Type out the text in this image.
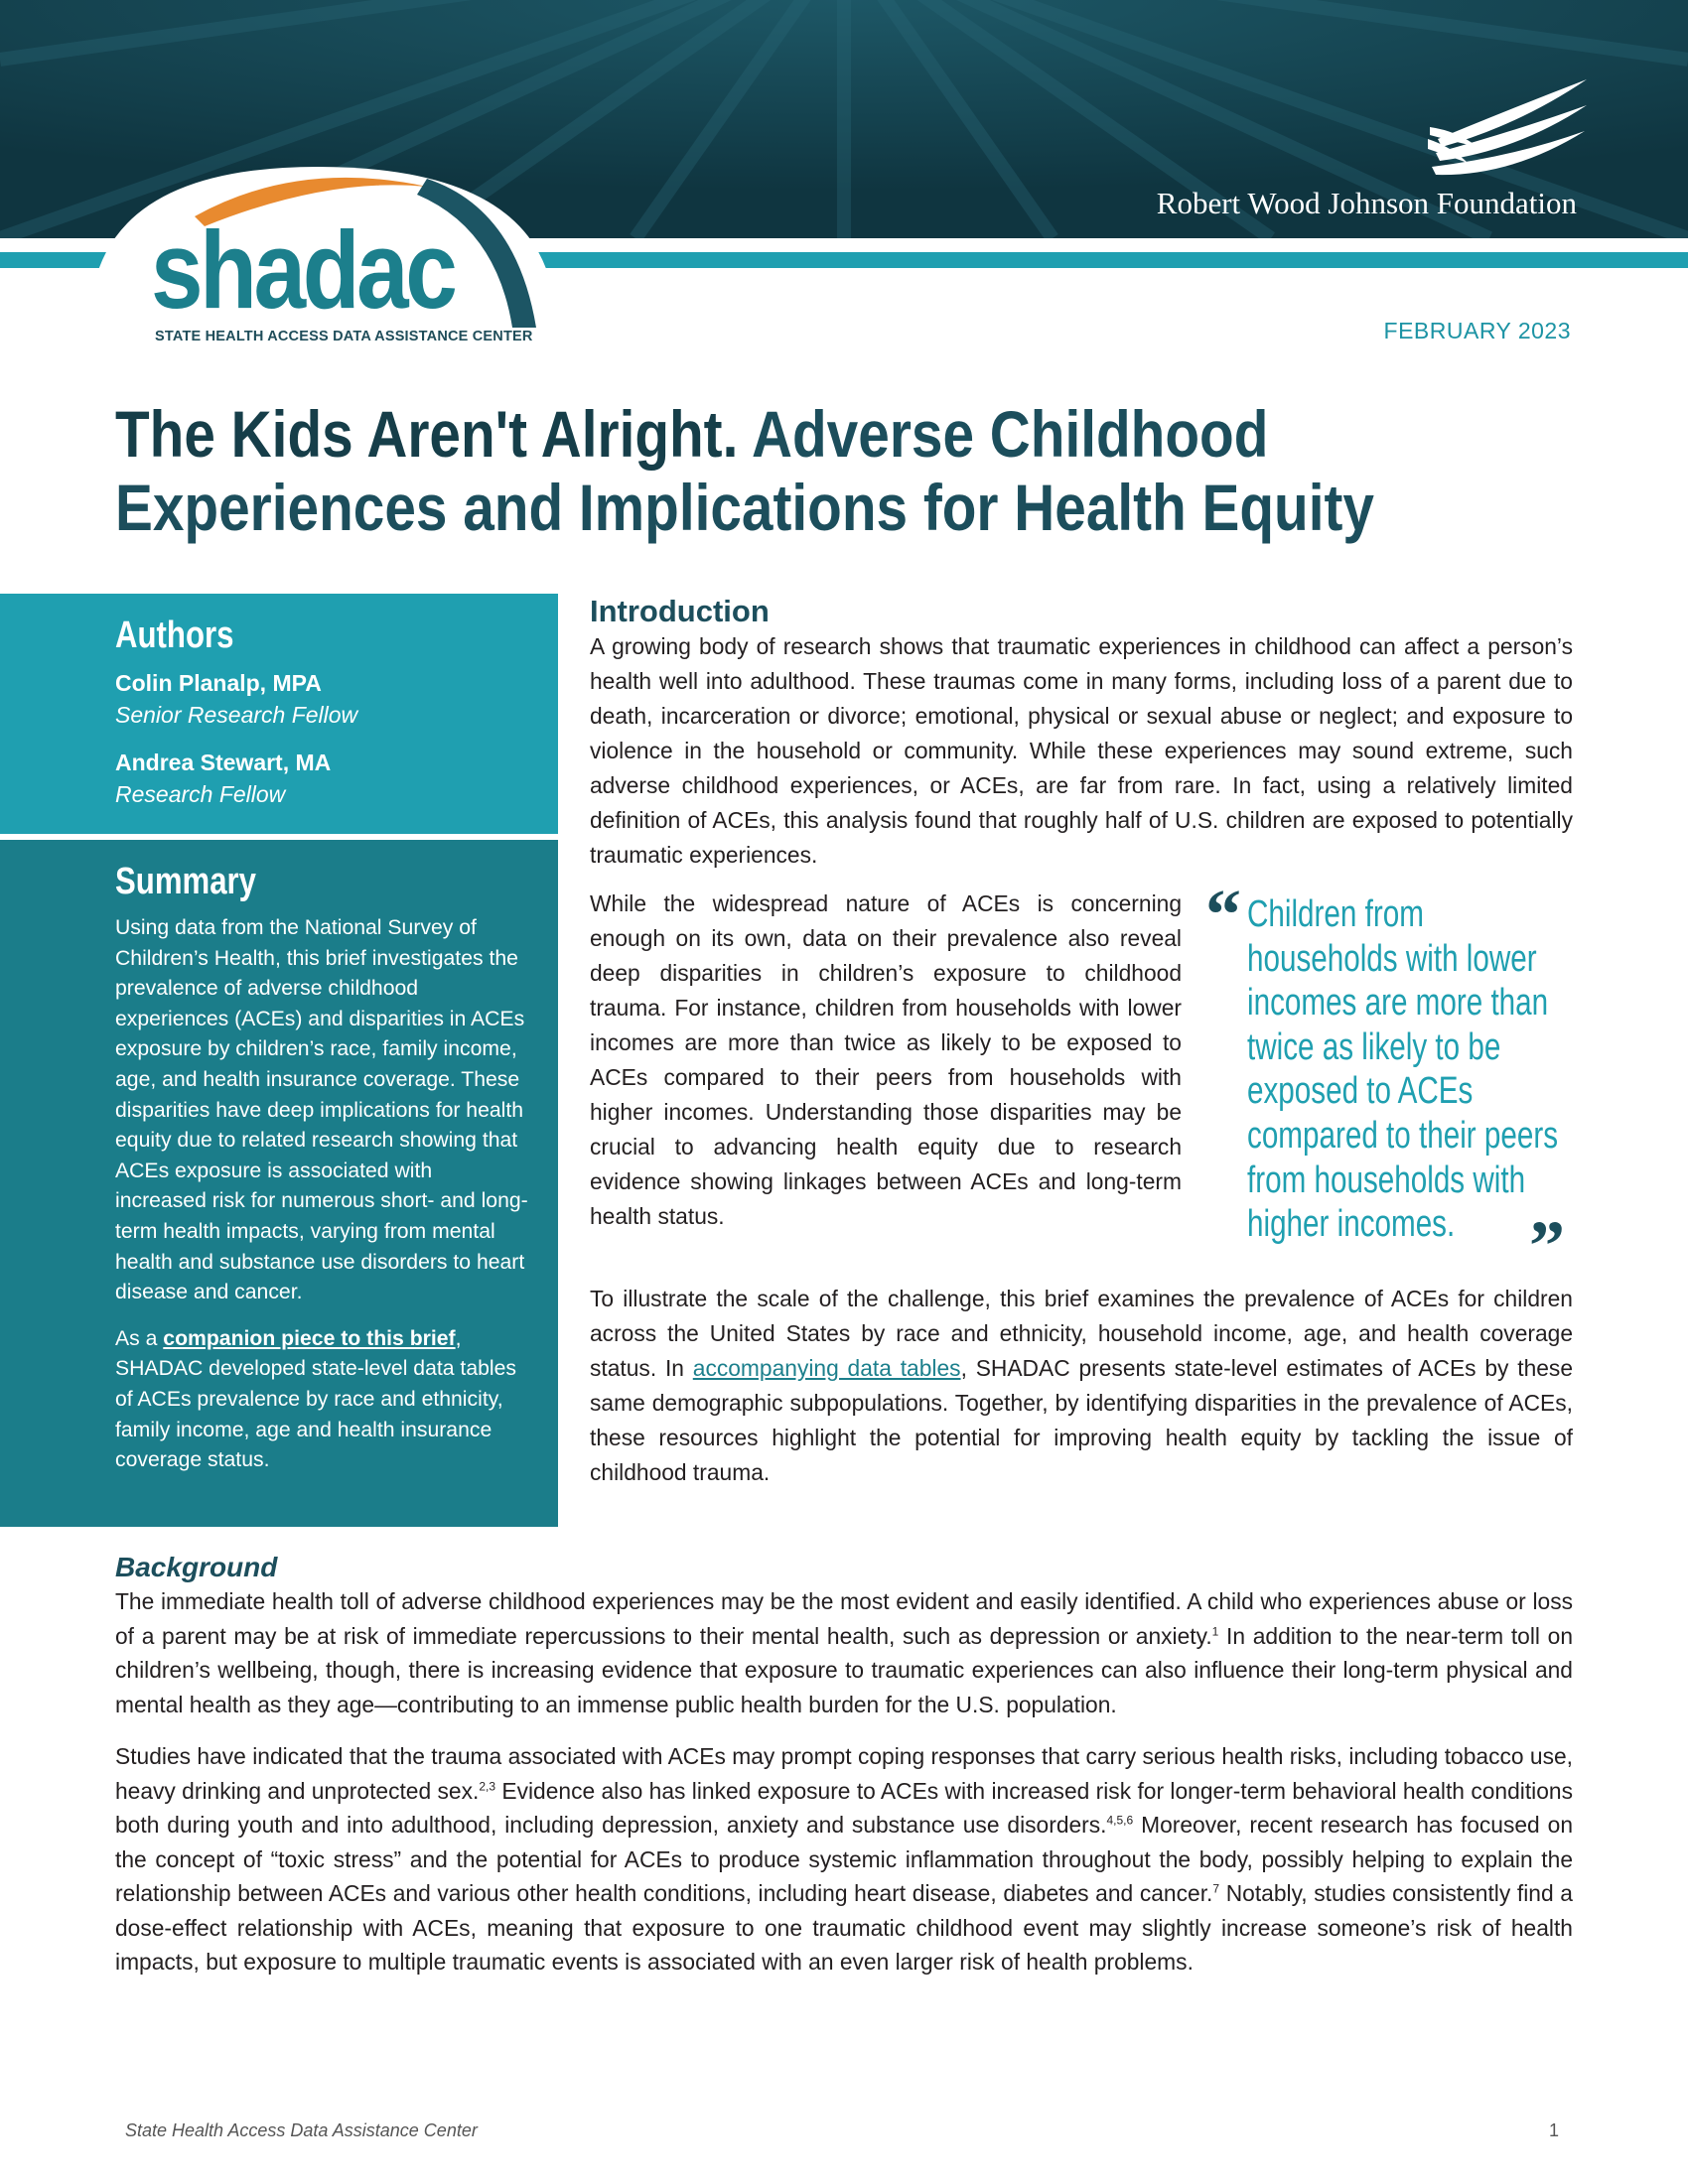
shadac
STATE HEALTH ACCESS DATA ASSISTANCE CENTER
Robert Wood Johnson Foundation
FEBRUARY 2023
The Kids Aren't Alright. Adverse Childhood Experiences and Implications for Health Equity
Authors
Colin Planalp, MPA
Senior Research Fellow
Andrea Stewart, MA
Research Fellow
Summary

Using data from the National Survey of Children’s Health, this brief investigates the prevalence of adverse childhood experiences (ACEs) and disparities in ACEs exposure by children’s race, family income, age, and health insurance coverage. These disparities have deep implications for health equity due to related research showing that ACEs exposure is associated with increased risk for numerous short- and long-term health impacts, varying from mental health and substance use disorders to heart disease and cancer.

As a companion piece to this brief, SHADAC developed state-level data tables of ACEs prevalence by race and ethnicity, family income, age and health insurance coverage status.

Introduction

A growing body of research shows that traumatic experiences in childhood can affect a person’s health well into adulthood. These traumas come in many forms, including loss of a parent due to death, incarceration or divorce; emotional, physical or sexual abuse or neglect; and exposure to violence in the household or community. While these experiences may sound extreme, such adverse childhood experiences, or ACEs, are far from rare. In fact, using a relatively limited definition of ACEs, this analysis found that roughly half of U.S. children are exposed to potentially traumatic experiences.

While the widespread nature of ACEs is concerning enough on its own, data on their prevalence also reveal deep disparities in children’s exposure to childhood trauma. For instance, children from households with lower incomes are more than twice as likely to be exposed to ACEs compared to their peers from households with higher incomes. Understanding those disparities may be crucial to advancing health equity due to research evidence showing linkages between ACEs and long-term health status.

“ Children from households with lower incomes are more than twice as likely to be exposed to ACEs compared to their peers from households with higher incomes.	”

To illustrate the scale of the challenge, this brief examines the prevalence of ACEs for children across the United States by race and ethnicity, household income, age, and health coverage status. In accompanying data tables, SHADAC presents state-level estimates of ACEs by these same demographic subpopulations. Together, by identifying disparities in the prevalence of ACEs, these resources highlight the potential for improving health equity by tackling the issue of childhood trauma.

Background

The immediate health toll of adverse childhood experiences may be the most evident and easily identified. A child who experiences abuse or loss of a parent may be at risk of immediate repercussions to their mental health, such as depression or anxiety.$^1$ In addition to the near-term toll on children’s wellbeing, though, there is increasing evidence that exposure to traumatic experiences can also influence their long-term physical and mental health as they age—contributing to an immense public health burden for the U.S. population.

Studies have indicated that the trauma associated with ACEs may prompt coping responses that carry serious health risks, including tobacco use, heavy drinking and unprotected sex.$^{2,3}$ Evidence also has linked exposure to ACEs with increased risk for longer-term behavioral health conditions both during youth and into adulthood, including depression, anxiety and substance use disorders.$^{4,5,6}$ Moreover, recent research has focused on the concept of “toxic stress” and the potential for ACEs to produce systemic inflammation throughout the body, possibly helping to explain the relationship between ACEs and various other health conditions, including heart disease, diabetes and cancer.$^7$ Notably, studies consistently find a dose-effect relationship with ACEs, meaning that exposure to one traumatic childhood event may slightly increase someone’s risk of health impacts, but exposure to multiple traumatic events is associated with an even larger risk of health problems.

State Health Access Data Assistance Center	1
